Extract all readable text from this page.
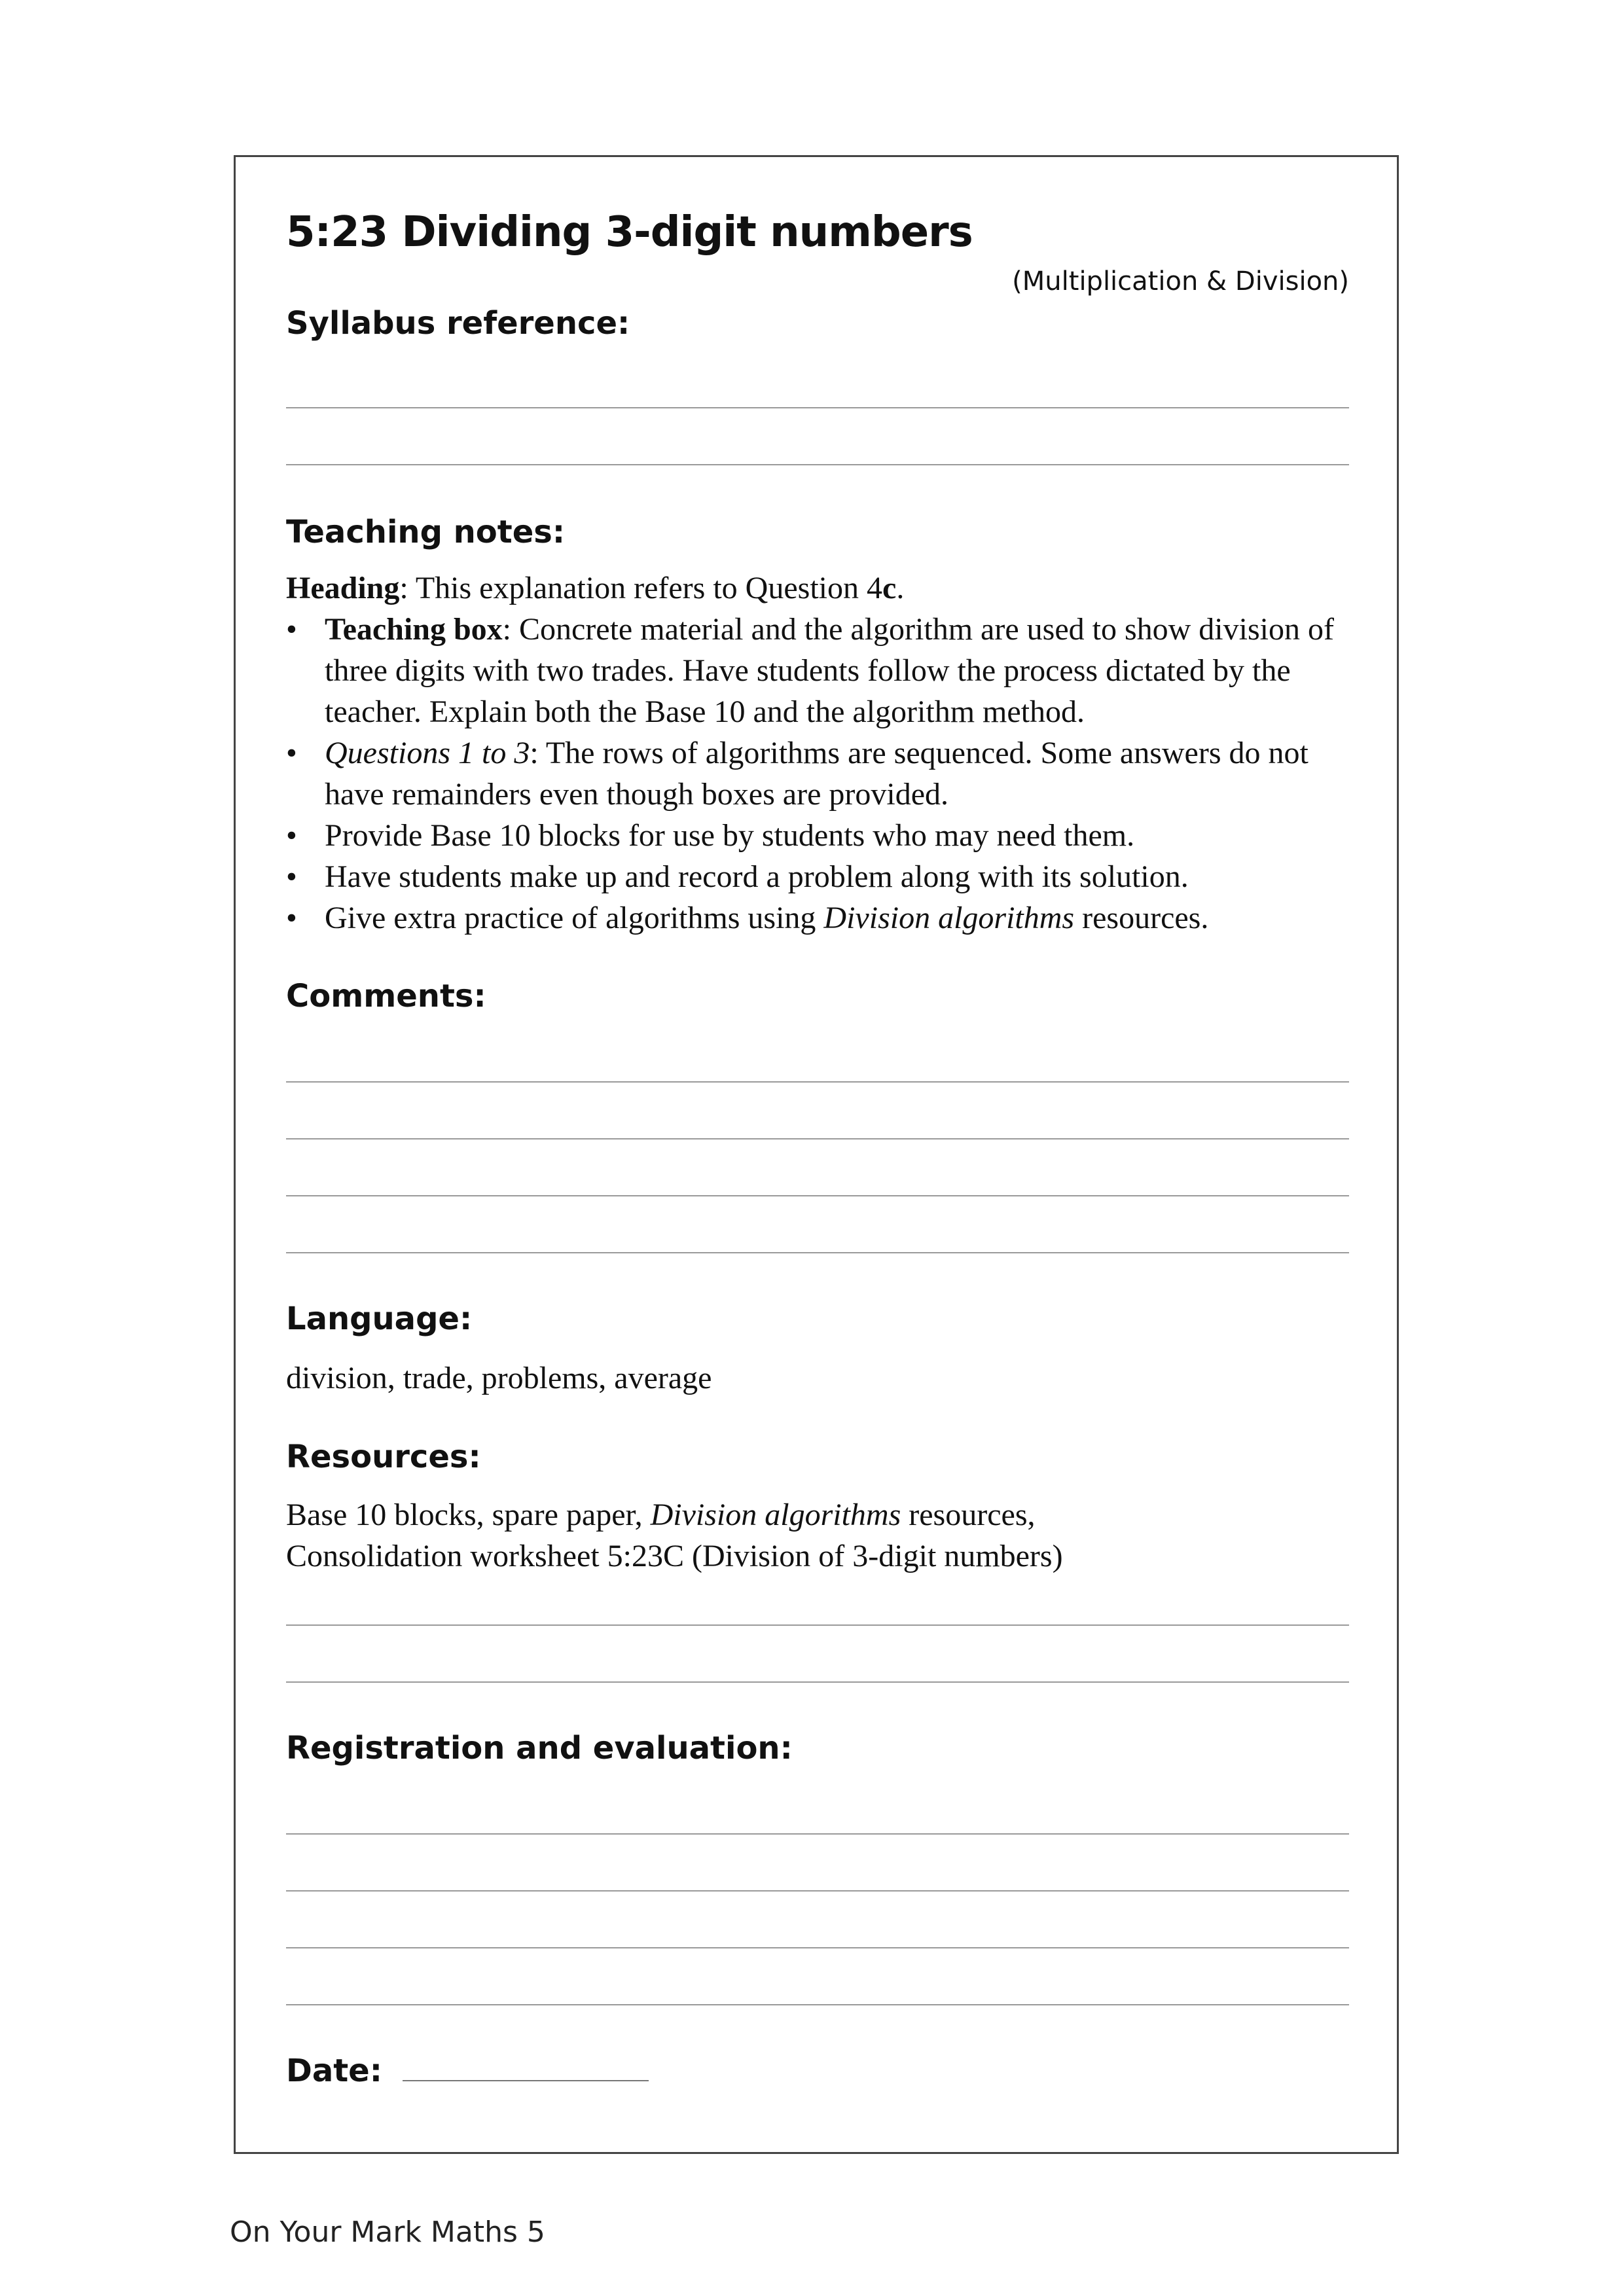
5:23 Dividing 3-digit numbers
(Multiplication & Division)
Syllabus reference:
Teaching notes:

Heading: This explanation refers to Question 4c.

• Teaching box: Concrete material and the algorithm are used to show division of three digits with two trades. Have students follow the process dictated by the teacher. Explain both the Base 10 and the algorithm method.
• Questions 1 to 3: The rows of algorithms are sequenced. Some answers do not have remainders even though boxes are provided.
• Provide Base 10 blocks for use by students who may need them.
• Have students make up and record a problem along with its solution.
• Give extra practice of algorithms using Division algorithms resources.
Comments:
Language:
division, trade, problems, average
Resources:
Base 10 blocks, spare paper, Division algorithms resources,
Consolidation worksheet 5:23C (Division of 3-digit numbers)
Registration and evaluation:
Date:
On Your Mark Maths 5
